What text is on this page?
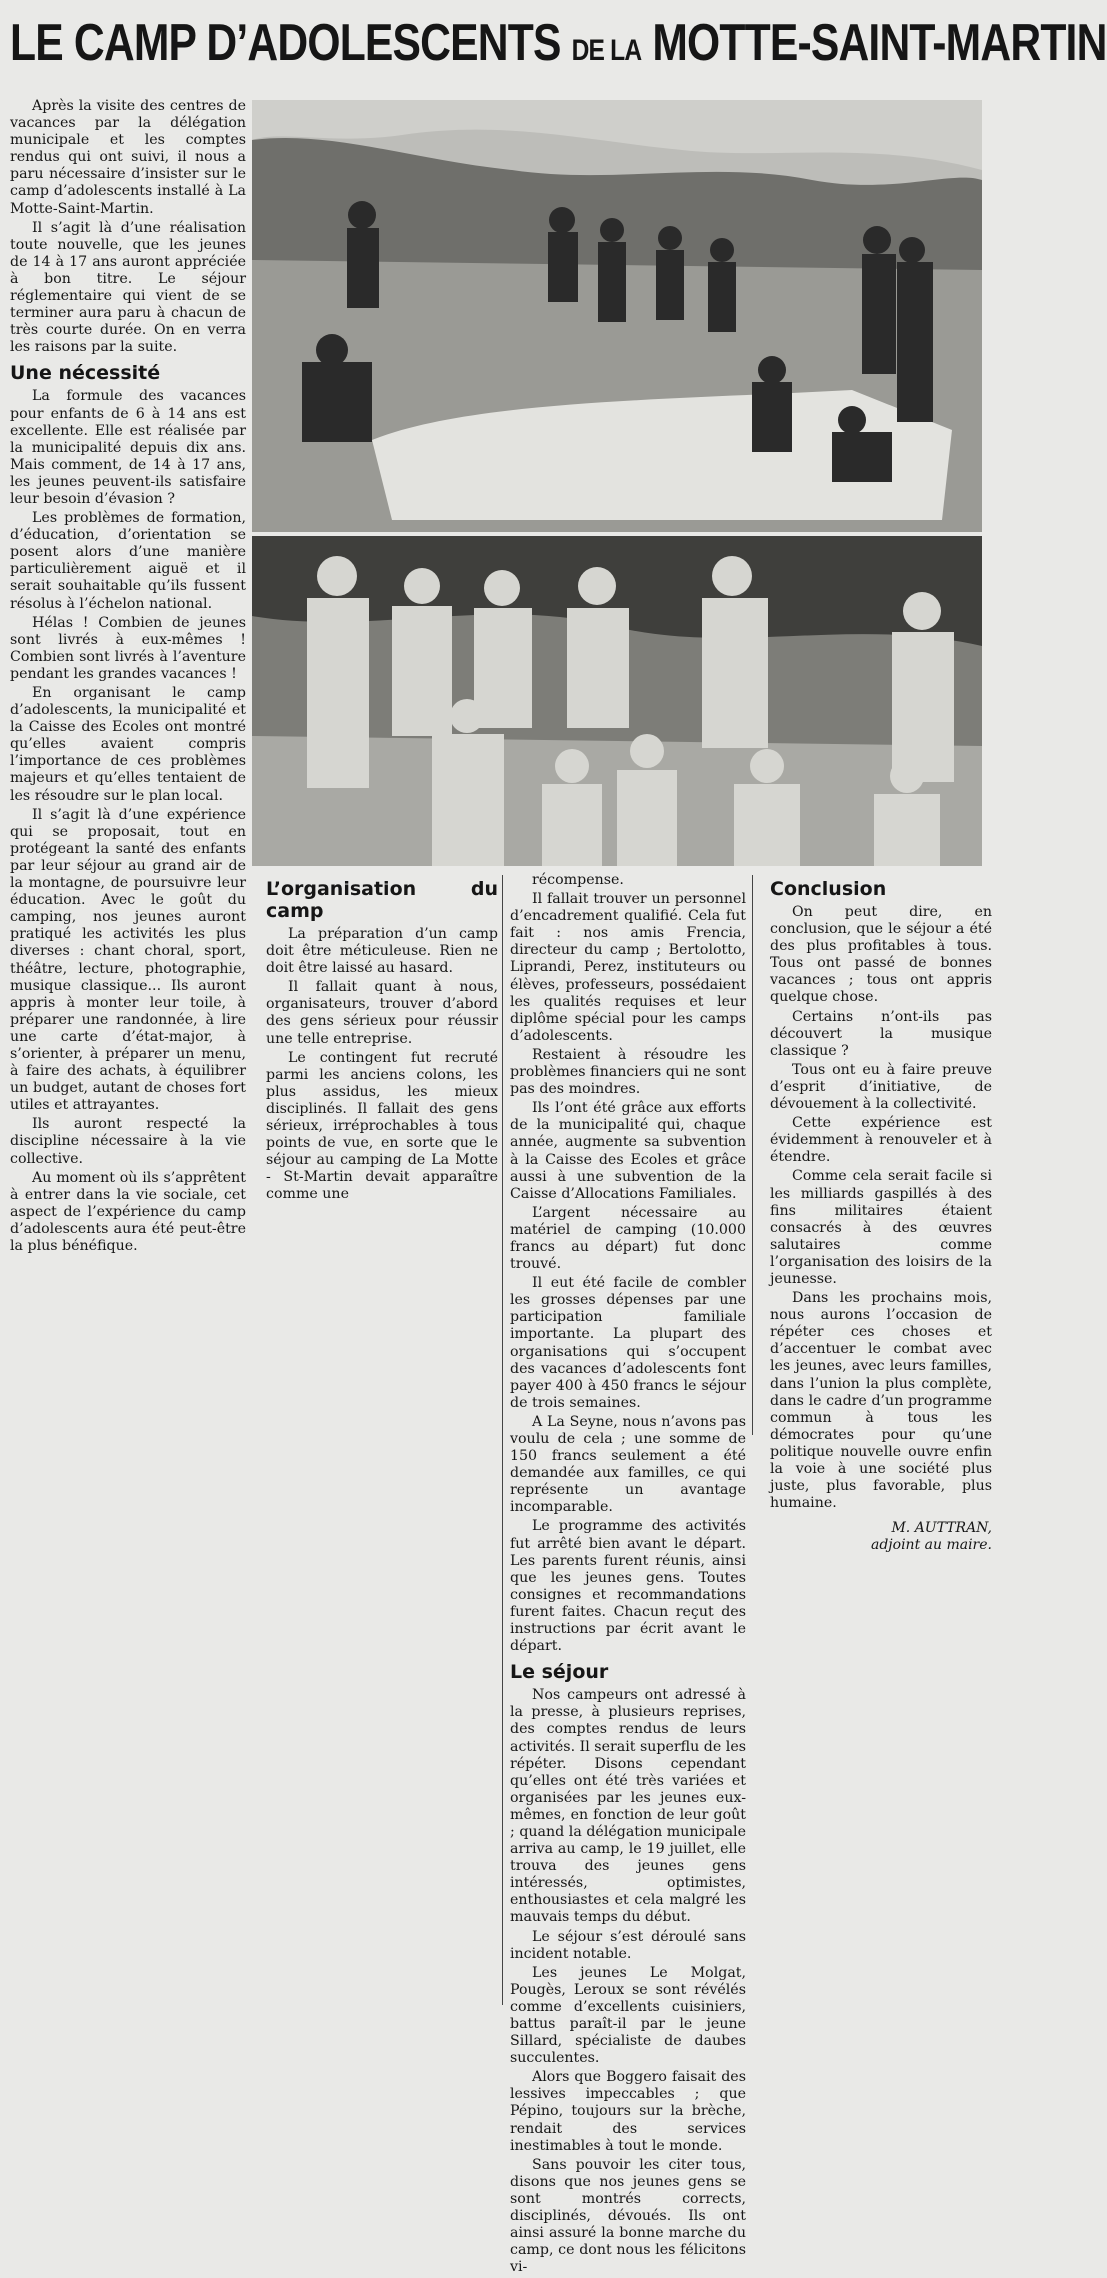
LE CAMP D’ADOLESCENTS DE LA MOTTE-SAINT-MARTIN

Après la visite des centres de vacances par la délégation municipale et les comptes rendus qui ont suivi, il nous a paru nécessaire d’insister sur le camp d’adolescents installé à La Motte-Saint-Martin.

Il s’agit là d’une réalisation toute nouvelle, que les jeunes de 14 à 17 ans auront appréciée à bon titre. Le séjour réglementaire qui vient de se terminer aura paru à chacun de très courte durée. On en verra les raisons par la suite.

Une nécessité

La formule des vacances pour enfants de 6 à 14 ans est excellente. Elle est réalisée par la municipalité depuis dix ans. Mais comment, de 14 à 17 ans, les jeunes peuvent-ils satisfaire leur besoin d’évasion ?

Les problèmes de formation, d’éducation, d’orientation se posent alors d’une manière particulièrement aiguë et il serait souhaitable qu’ils fussent résolus à l’échelon national.

Hélas ! Combien de jeunes sont livrés à eux-mêmes ! Combien sont livrés à l’aventure pendant les grandes vacances !

En organisant le camp d’adolescents, la municipalité et la Caisse des Ecoles ont montré qu’elles avaient compris l’importance de ces problèmes majeurs et qu’elles tentaient de les résoudre sur le plan local.

Il s’agit là d’une expérience qui se proposait, tout en protégeant la santé des enfants par leur séjour au grand air de la montagne, de poursuivre leur éducation. Avec le goût du camping, nos jeunes auront pratiqué les activités les plus diverses : chant choral, sport, théâtre, lecture, photographie, musique classique... Ils auront appris à monter leur toile, à préparer une randonnée, à lire une carte d’état-major, à s’orienter, à préparer un menu, à faire des achats, à équilibrer un budget, autant de choses fort utiles et attrayantes.

Ils auront respecté la discipline nécessaire à la vie collective.

Au moment où ils s’apprêtent à entrer dans la vie sociale, cet aspect de l’expérience du camp d’adolescents aura été peut-être la plus bénéfique.

L’organisation du camp

La préparation d’un camp doit être méticuleuse. Rien ne doit être laissé au hasard.

Il fallait quant à nous, organisateurs, trouver d’abord des gens sérieux pour réussir une telle entreprise.

Le contingent fut recruté parmi les anciens colons, les plus assidus, les mieux disciplinés. Il fallait des gens sérieux, irréprochables à tous points de vue, en sorte que le séjour au camping de La Motte - St-Martin devait apparaître comme une

récompense.

Il fallait trouver un personnel d’encadrement qualifié. Cela fut fait : nos amis Frencia, directeur du camp ; Bertolotto, Liprandi, Perez, instituteurs ou élèves, professeurs, possédaient les qualités requises et leur diplôme spécial pour les camps d’adolescents.

Restaient à résoudre les problèmes financiers qui ne sont pas des moindres.

Ils l’ont été grâce aux efforts de la municipalité qui, chaque année, augmente sa subvention à la Caisse des Ecoles et grâce aussi à une subvention de la Caisse d’Allocations Familiales.

L’argent nécessaire au matériel de camping (10.000 francs au départ) fut donc trouvé.

Il eut été facile de combler les grosses dépenses par une participation familiale importante. La plupart des organisations qui s’occupent des vacances d’adolescents font payer 400 à 450 francs le séjour de trois semaines.

A La Seyne, nous n’avons pas voulu de cela ; une somme de 150 francs seulement a été demandée aux familles, ce qui représente un avantage incomparable.

Le programme des activités fut arrêté bien avant le départ. Les parents furent réunis, ainsi que les jeunes gens. Toutes consignes et recommandations furent faites. Chacun reçut des instructions par écrit avant le départ.

Le séjour

Nos campeurs ont adressé à la presse, à plusieurs reprises, des comptes rendus de leurs activités. Il serait superflu de les répéter. Disons cependant qu’elles ont été très variées et organisées par les jeunes eux-mêmes, en fonction de leur goût ; quand la délégation municipale arriva au camp, le 19 juillet, elle trouva des jeunes gens intéressés, optimistes, enthousiastes et cela malgré les mauvais temps du début.

Le séjour s’est déroulé sans incident notable.

Les jeunes Le Molgat, Pougès, Leroux se sont révélés comme d’excellents cuisiniers, battus paraît-il par le jeune Sillard, spécialiste de daubes succulentes.

Alors que Boggero faisait des lessives impeccables ; que Pépino, toujours sur la brèche, rendait des services inestimables à tout le monde.

Sans pouvoir les citer tous, disons que nos jeunes gens se sont montrés corrects, disciplinés, dévoués. Ils ont ainsi assuré la bonne marche du camp, ce dont nous les félicitons vi-

Conclusion

On peut dire, en conclusion, que le séjour a été des plus profitables à tous. Tous ont passé de bonnes vacances ; tous ont appris quelque chose.

Certains n’ont-ils pas découvert la musique classique ?

Tous ont eu à faire preuve d’esprit d’initiative, de dévouement à la collectivité.

Cette expérience est évidemment à renouveler et à étendre.

Comme cela serait facile si les milliards gaspillés à des fins militaires étaient consacrés à des œuvres salutaires comme l’organisation des loisirs de la jeunesse.

Dans les prochains mois, nous aurons l’occasion de répéter ces choses et d’accentuer le combat avec les jeunes, avec leurs familles, dans l’union la plus complète, dans le cadre d’un programme commun à tous les démocrates pour qu’une politique nouvelle ouvre enfin la voie à une société plus juste, plus favorable, plus humaine.

M. AUTTRAN,
adjoint au maire.
